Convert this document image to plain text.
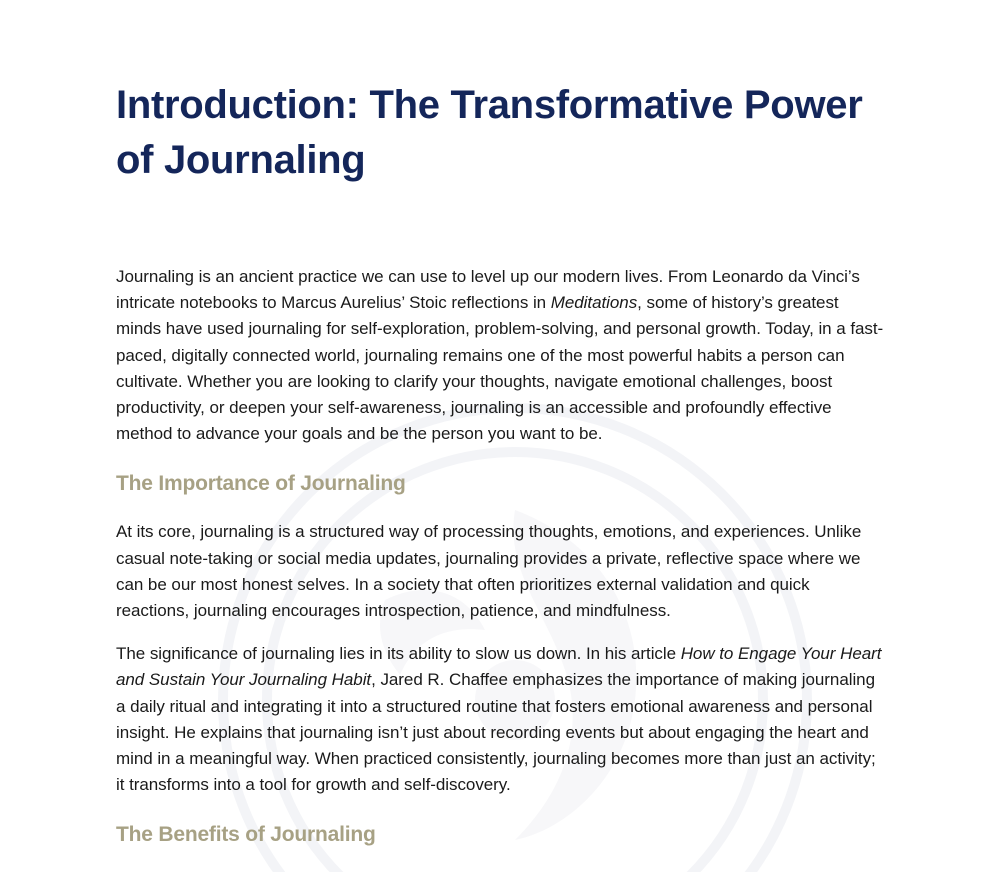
Introduction: The Transformative Power of Journaling

Journaling is an ancient practice we can use to level up our modern lives. From Leonardo da Vinci’s intricate notebooks to Marcus Aurelius’ Stoic reflections in Meditations, some of history’s greatest minds have used journaling for self-exploration, problem-solving, and personal growth. Today, in a fast-paced, digitally connected world, journaling remains one of the most powerful habits a person can cultivate. Whether you are looking to clarify your thoughts, navigate emotional challenges, boost productivity, or deepen your self-awareness, journaling is an accessible and profoundly effective method to advance your goals and be the person you want to be.

The Importance of Journaling

At its core, journaling is a structured way of processing thoughts, emotions, and experiences. Unlike casual note-taking or social media updates, journaling provides a private, reflective space where we can be our most honest selves. In a society that often prioritizes external validation and quick reactions, journaling encourages introspection, patience, and mindfulness.

The significance of journaling lies in its ability to slow us down. In his article How to Engage Your Heart and Sustain Your Journaling Habit, Jared R. Chaffee emphasizes the importance of making journaling a daily ritual and integrating it into a structured routine that fosters emotional awareness and personal insight. He explains that journaling isn’t just about recording events but about engaging the heart and mind in a meaningful way. When practiced consistently, journaling becomes more than just an activity; it transforms into a tool for growth and self-discovery.

The Benefits of Journaling
